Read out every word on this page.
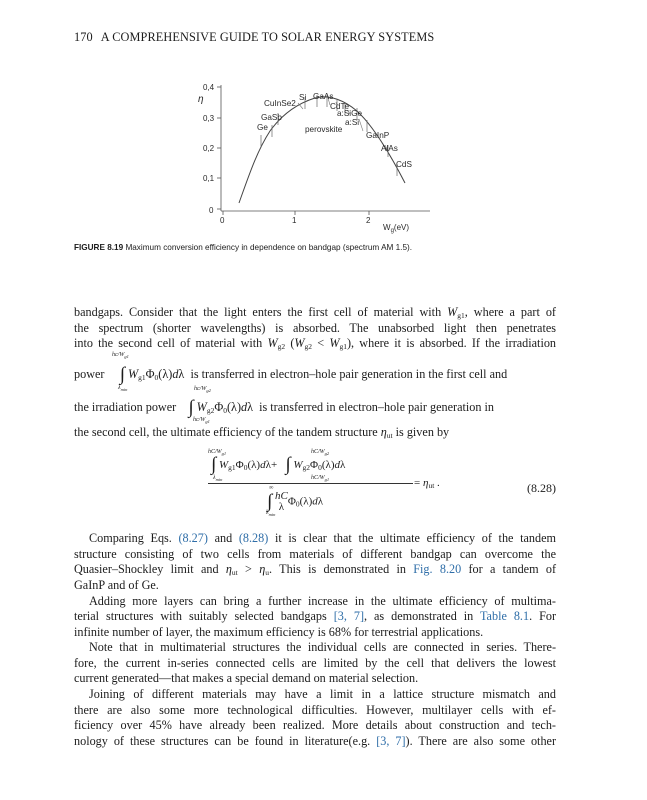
170 A COMPREHENSIVE GUIDE TO SOLAR ENERGY SYSTEMS
0,4
0,3
0,2
0,1
0
η
0	1	2
$W_g(eV)$
CuInSe2
Si GaAs
CdTe
a:SiGe
a:Si
GaSb
Ge	perovskite
GaInP
AlAs
CdS
FIGURE 8.19 Maximum conversion efficiency in dependence on bandgap (spectrum AM 1.5).
bandgaps. Consider that the light enters the first cell of material with $W_{g1}$, where a part of
the spectrum (shorter wavelengths) is absorbed. The unabsorbed light then penetrates
into the second cell of material with $W_{g2}$ $(W_{g2} < W_{g1})$, where it is absorbed. If the irradiation
$hc/W_{g1}$
power ∫ $W_{g1}\Phi_0(\lambda)d\lambda$  is transferred in electron–hole pair generation in the first cell and
$\lambda_{min}$	$hc/W_{g2}$
the irradiation power ∫ $W_{g2}\Phi_0(\lambda)d\lambda$  is transferred in electron–hole pair generation in
$hc/W_{g1}$
the second cell, the ultimate efficiency of the tandem structure $\eta_{ut}$ is given by
$hC/W_{g1}$	$hC/W_{g2}$
∫ $W_{g1}\Phi_0(\lambda)d\lambda+$   ∫ $W_{g2}\Phi_0(\lambda)d\lambda$
$\lambda_{min}$	$hC/W_{g1}$	= $\eta_{ut}$ .
∞
∫ hC
λ $\Phi_0(\lambda)d\lambda$
$\lambda_{min}$
(8.28)
Comparing Eqs. (8.27) and (8.28) it is clear that the ultimate efficiency of the tandem
structure consisting of two cells from materials of different bandgap can overcome the
Quasier–Shockley limit and $\eta_{ut} > \eta_u$. This is demonstrated in Fig. 8.20 for a tandem of
GaInP and of Ge.
Adding more layers can bring a further increase in the ultimate efficiency of multima-
terial structures with suitably selected bandgaps [3, 7], as demonstrated in Table 8.1. For
infinite number of layer, the maximum efficiency is 68% for terrestrial applications.
Note that in multimaterial structures the individual cells are connected in series. There-
fore, the current in-series connected cells are limited by the cell that delivers the lowest
current generated—that makes a special demand on material selection.
Joining of different materials may have a limit in a lattice structure mismatch and
there are also some more technological difficulties. However, multilayer cells with ef-
ficiency over 45% have already been realized. More details about construction and tech-
nology of these structures can be found in literature(e.g. [3, 7]). There are also some other
